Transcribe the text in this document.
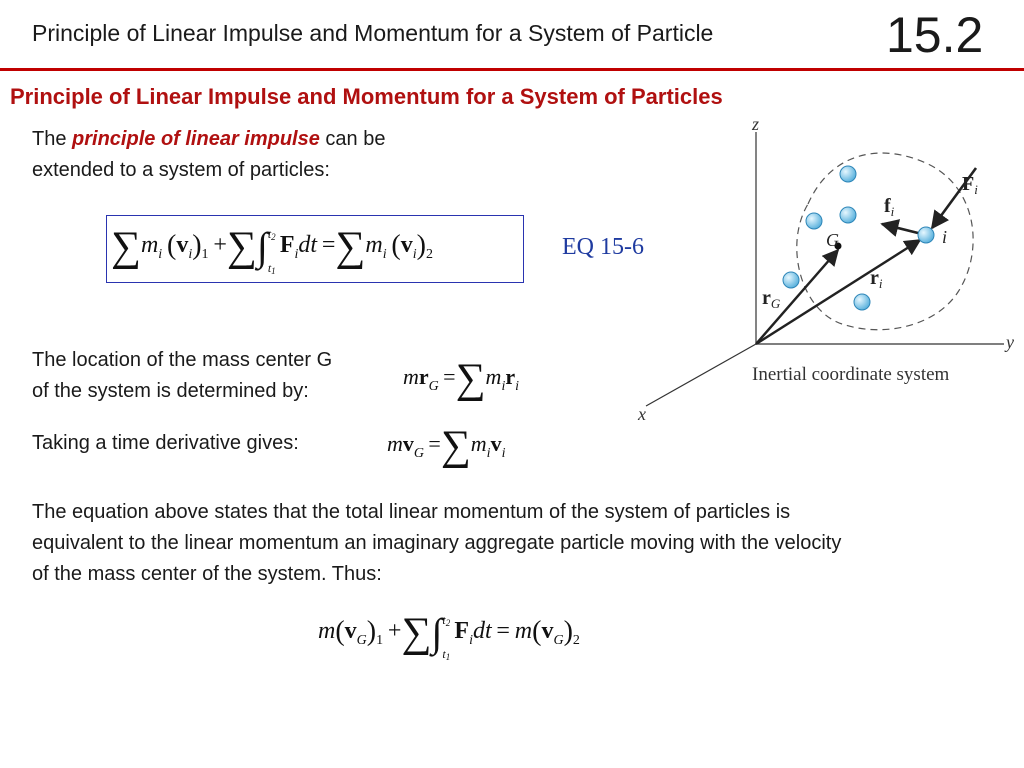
Principle of Linear Impulse and Momentum for a System of Particle	15.2
Principle of Linear Impulse and Momentum for a System of Particles
The principle of linear impulse can be
extended to a system of particles:
$\sum m_i$  $(v_i)_1$ +∑∫ $t_2$
$t_1$
$F_idt =\sum m_i$  $(v_i)_2$	EQ 15-6
The location of the mass center G
of the system is determined by:
$mr_G =\sum m_ir_i$
Taking a time derivative gives:	$mv_G =\sum m_iv_i$
The equation above states that the total linear momentum of the system of particles is
equivalent to the linear momentum an imaginary aggregate particle moving with the velocity
of the mass center of the system. Thus:
$m(v_G)_1$ +∑∫ $t_2$
$t_1$
$F_idt = m(v_G)_2$
z
y
x
G	i
$F_i$
$f_i$
$r_i$
$r_G$
Inertial coordinate system
